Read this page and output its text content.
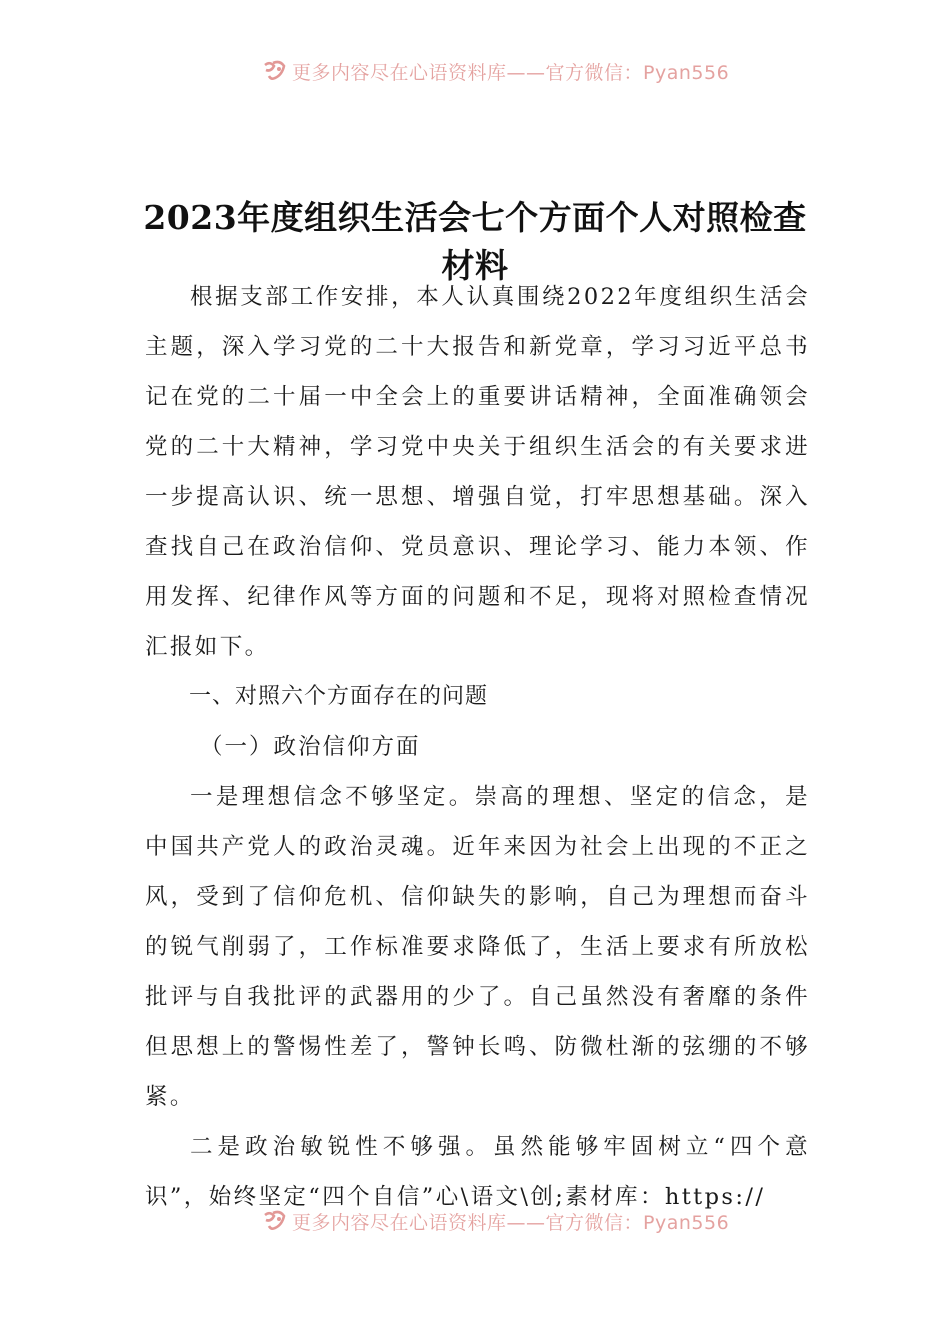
更多内容尽在心语资料库——官方微信：Pyan556
2023年度组织生活会七个方面个人对照检查材料

根据支部工作安排，本人认真围绕2022年度组织生活会主题，深入学习党的二十大报告和新党章，学习习近平总书记在党的二十届一中全会上的重要讲话精神，全面准确领会党的二十大精神，学习党中央关于组织生活会的有关要求进一步提高认识、统一思想、增强自觉，打牢思想基础。深入查找自己在政治信仰、党员意识、理论学习、能力本领、作用发挥、纪律作风等方面的问题和不足，现将对照检查情况汇报如下。

一、对照六个方面存在的问题

（一）政治信仰方面

一是理想信念不够坚定。崇高的理想、坚定的信念，是中国共产党人的政治灵魂。近年来因为社会上出现的不正之风，受到了信仰危机、信仰缺失的影响，自己为理想而奋斗的锐气削弱了，工作标准要求降低了，生活上要求有所放松批评与自我批评的武器用的少了。自己虽然没有奢靡的条件但思想上的警惕性差了，警钟长鸣、防微杜渐的弦绷的不够紧。

二是政治敏锐性不够强。虽然能够牢固树立“四个意识”，始终坚定“四个自信”心\语文\创;素材库：https://

更多内容尽在心语资料库——官方微信：Pyan556
